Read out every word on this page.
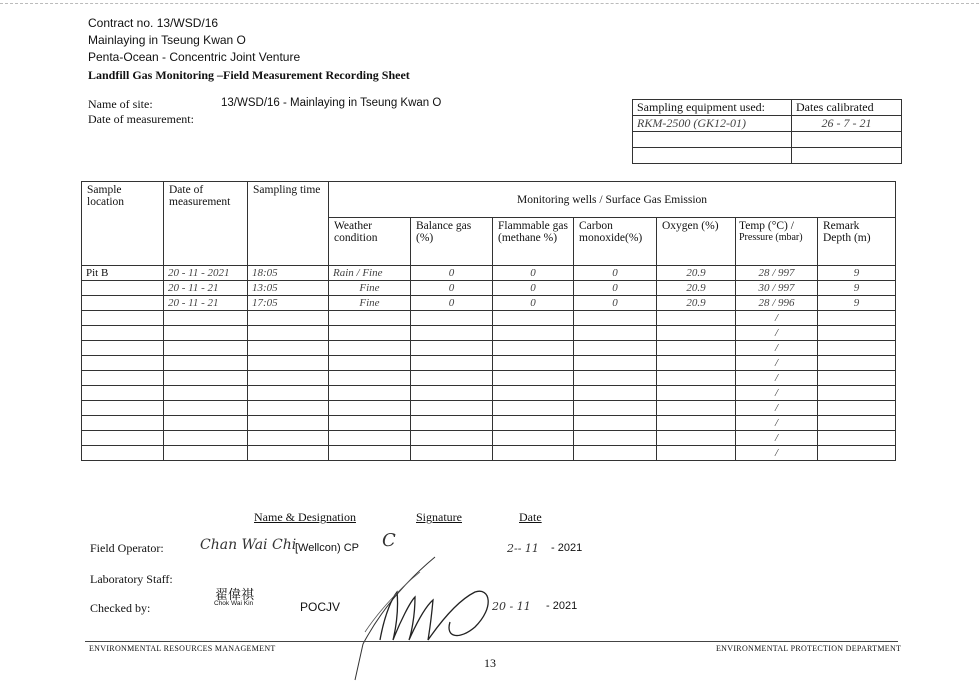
Contract no. 13/WSD/16
Mainlaying in Tseung Kwan O
Penta-Ocean - Concentric Joint Venture
Landfill Gas Monitoring –Field Measurement Recording Sheet
Name of site:	13/WSD/16 - Mainlaying in Tseung Kwan O
Date of measurement:
Sampling equipment used:	Dates calibrated
RKM-2500 (GK12-01)	26 - 7 - 21

Sample location	Date of measurement	Sampling time	Monitoring wells / Surface Gas Emission						
			Weather condition	Balance gas (%)	Flammable gas (methane %)	Carbon monoxide(%)	Oxygen (%)	Temp (°C) /
Pressure (mbar)	Remark Depth (m)
Pit B	20 - 11 - 2021	18:05	Rain / Fine	0	0	0	20.9	28 / 997	9
	20 - 11 - 21	13:05	Fine	0	0	0	20.9	30 / 997	9
	20 - 11 - 21	17:05	Fine	0	0	0	20.9	28 / 996	9
								/	
								/	
								/	
								/	
								/	
								/	
								/	
								/	
								/	
								/	
Name & Designation	Signature	Date
Field Operator:	Chan Wai Chi
[Wellcon) CP C	2-- 11 - 2021
Laboratory Staff:
Checked by:
翟偉祺
Chok Wai Kin	POCJV	20 - 11 - 2021
ENVIRONMENTAL RESOURCES MANAGEMENT	ENVIRONMENTAL PROTECTION DEPARTMENT
13
